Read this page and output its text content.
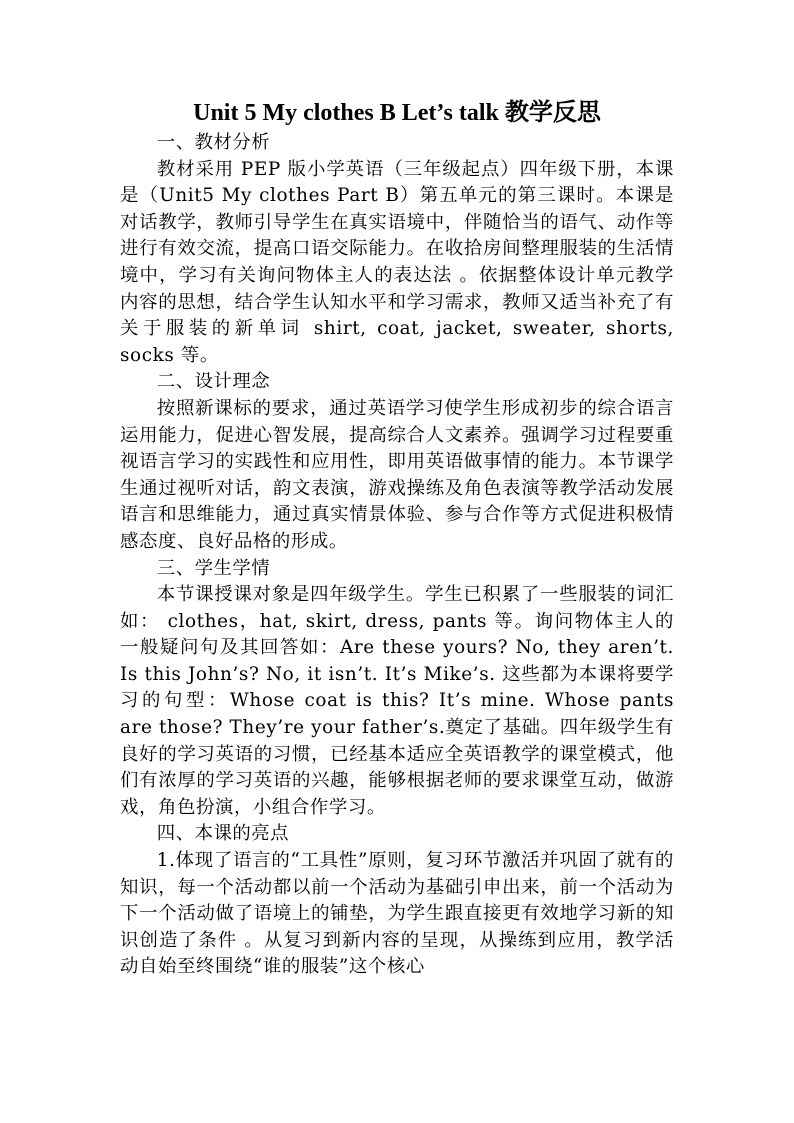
Unit 5 My clothes B Let’s talk 教学反思
一、教材分析

教材采用 PEP 版小学英语（三年级起点）四年级下册，本课是（Unit5 My clothes Part B）第五单元的第三课时。本课是对话教学，教师引导学生在真实语境中，伴随恰当的语气、动作等进行有效交流，提高口语交际能力。在收拾房间整理服装的生活情境中，学习有关询问物体主人的表达法 。依据整体设计单元教学内容的思想，结合学生认知水平和学习需求，教师又适当补充了有关于服装的新单词 shirt, coat, jacket, sweater, shorts, socks 等。

二、设计理念

按照新课标的要求，通过英语学习使学生形成初步的综合语言运用能力，促进心智发展，提高综合人文素养。强调学习过程要重视语言学习的实践性和应用性，即用英语做事情的能力。本节课学生通过视听对话，韵文表演，游戏操练及角色表演等教学活动发展语言和思维能力，通过真实情景体验、参与合作等方式促进积极情感态度、良好品格的形成。

三、学生学情

本节课授课对象是四年级学生。学生已积累了一些服装的词汇如： clothes，hat, skirt, dress, pants 等。询问物体主人的一般疑问句及其回答如：Are these yours? No, they aren’t. Is this John’s? No, it isn’t. It’s Mike’s. 这些都为本课将要学习的句型：Whose coat is this? It’s mine. Whose pants are those? They’re your father’s.奠定了基础。四年级学生有良好的学习英语的习惯，已经基本适应全英语教学的课堂模式，他们有浓厚的学习英语的兴趣，能够根据老师的要求课堂互动，做游戏，角色扮演，小组合作学习。

四、本课的亮点

1.体现了语言的“工具性”原则，复习环节激活并巩固了就有的知识，每一个活动都以前一个活动为基础引申出来，前一个活动为下一个活动做了语境上的铺垫，为学生跟直接更有效地学习新的知识创造了条件 。从复习到新内容的呈现，从操练到应用，教学活动自始至终围绕“谁的服装”这个核心
